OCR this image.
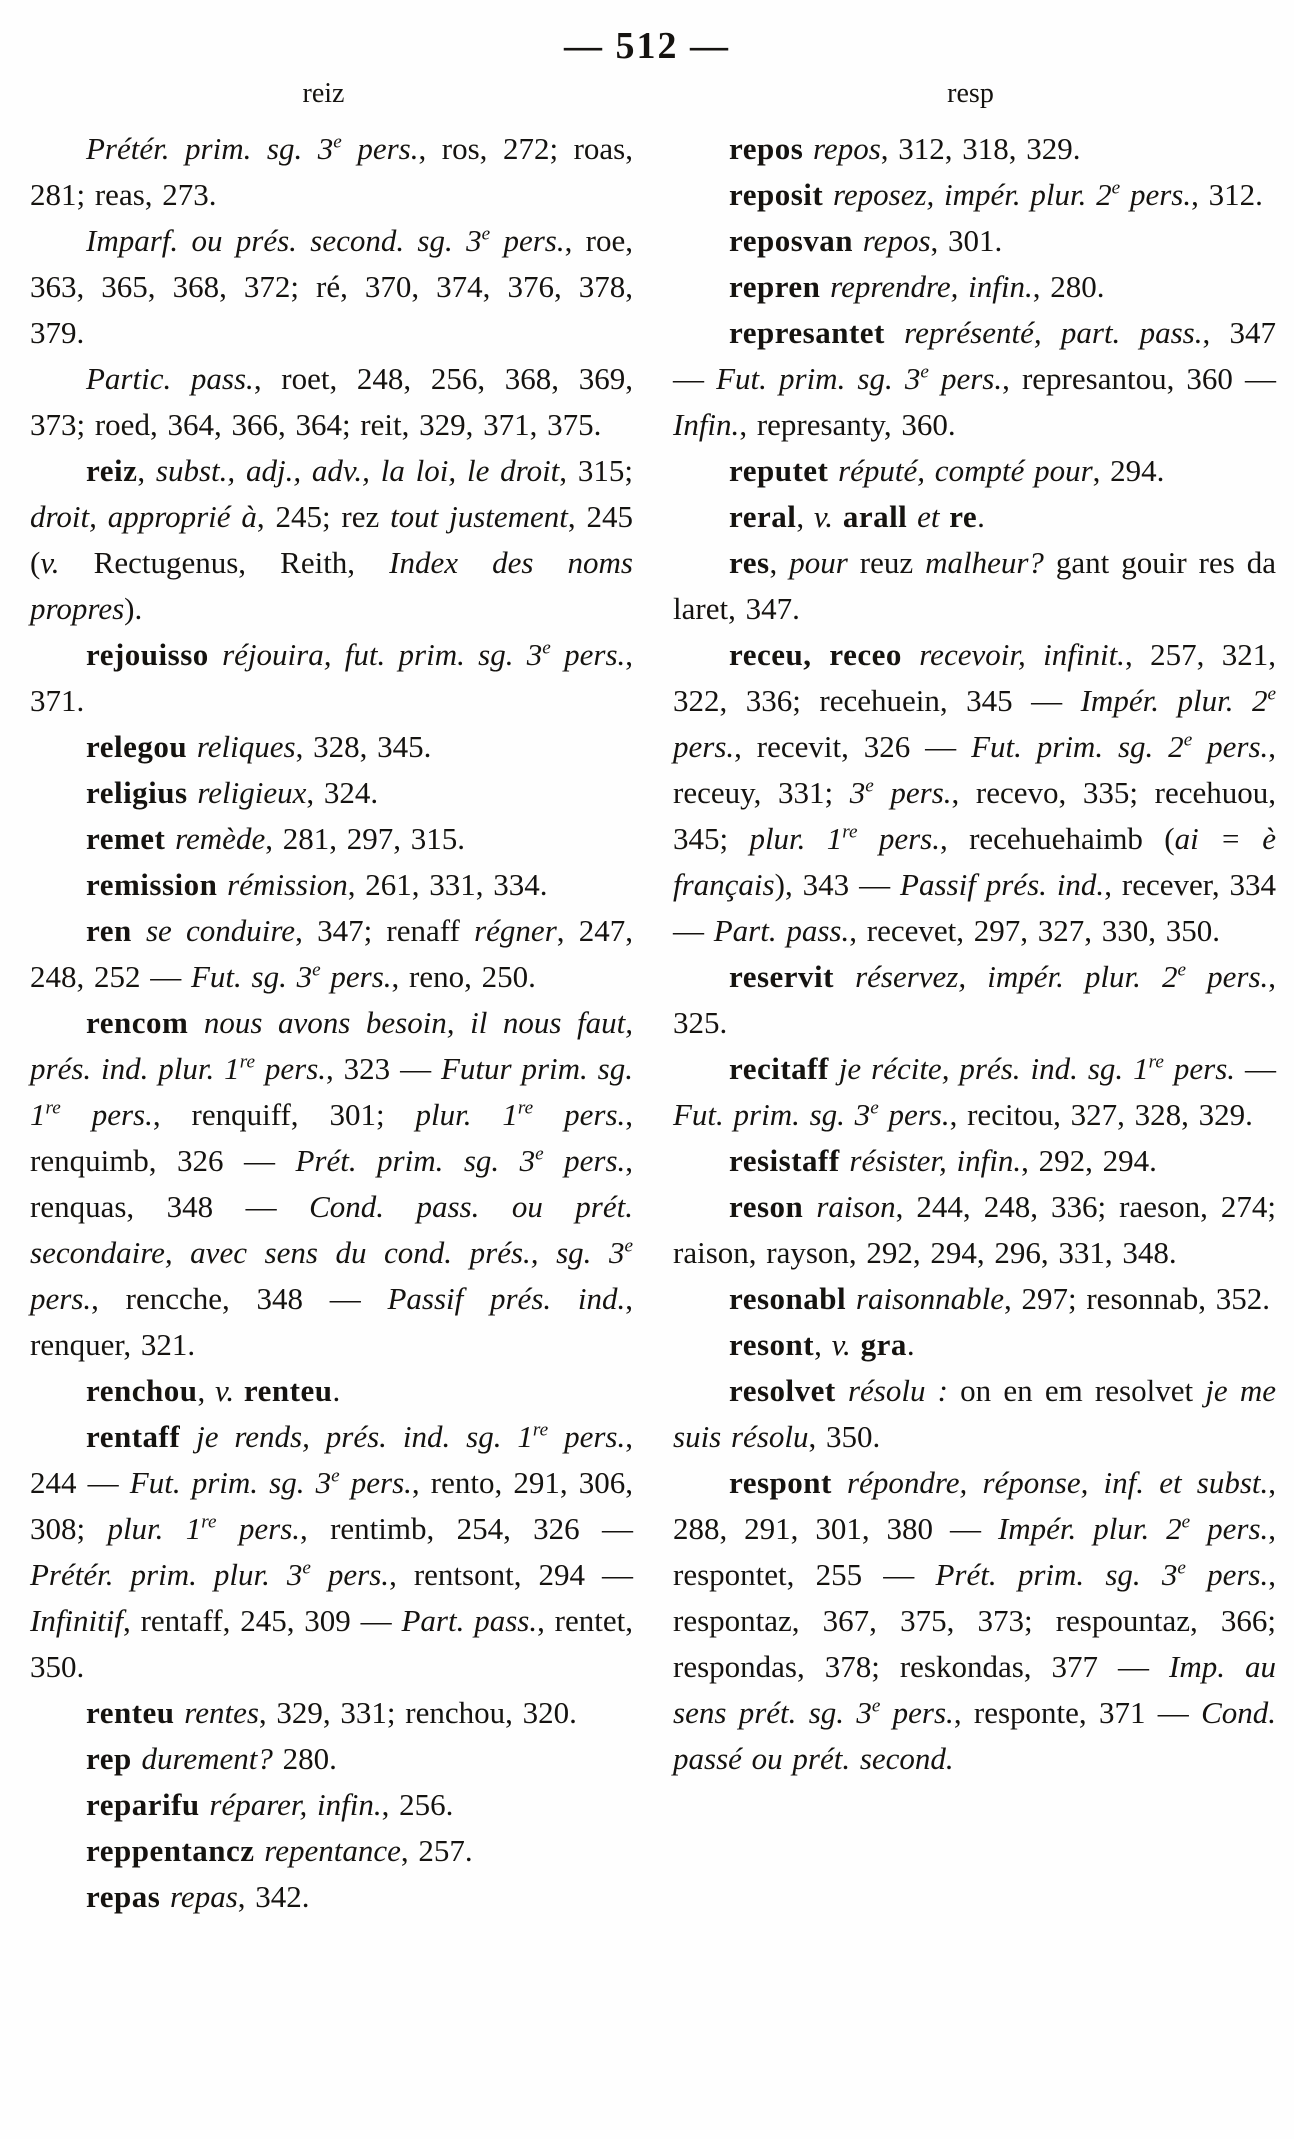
— 512 —
reiz	resp

Prétér. prim. sg. 3e pers., ros, 272; roas, 281; reas, 273.

Imparf. ou prés. second. sg. 3e pers., roe, 363, 365, 368, 372; ré, 370, 374, 376, 378, 379.

Partic. pass., roet, 248, 256, 368, 369, 373; roed, 364, 366, 364; reit, 329, 371, 375.

reiz, subst., adj., adv., la loi, le droit, 315; droit, approprié à, 245; rez tout justement, 245 (v. Rectugenus, Reith, Index des noms propres).

rejouisso réjouira, fut. prim. sg. 3e pers., 371.

relegou reliques, 328, 345.

religius religieux, 324.

remet remède, 281, 297, 315.

remission rémission, 261, 331, 334.

ren se conduire, 347; renaff régner, 247, 248, 252 — Fut. sg. 3e pers., reno, 250.

rencom nous avons besoin, il nous faut, prés. ind. plur. 1re pers., 323 — Futur prim. sg. 1re pers., renquiff, 301; plur. 1re pers., renquimb, 326 — Prét. prim. sg. 3e pers., renquas, 348 — Cond. pass. ou prét. secondaire, avec sens du cond. prés., sg. 3e pers., rencche, 348 — Passif prés. ind., renquer, 321.

renchou, v. renteu.

rentaff je rends, prés. ind. sg. 1re pers., 244 — Fut. prim. sg. 3e pers., rento, 291, 306, 308; plur. 1re pers., rentimb, 254, 326 — Prétér. prim. plur. 3e pers., rentsont, 294 — Infinitif, rentaff, 245, 309 — Part. pass., rentet, 350.

renteu rentes, 329, 331; renchou, 320.

rep durement? 280.

reparifu réparer, infin., 256.

reppentancz repentance, 257.

repas repas, 342.

repos repos, 312, 318, 329.

reposit reposez, impér. plur. 2e pers., 312.

reposvan repos, 301.

repren reprendre, infin., 280.

represantet représenté, part. pass., 347 — Fut. prim. sg. 3e pers., represantou, 360 — Infin., represanty, 360.

reputet réputé, compté pour, 294.

reral, v. arall et re.

res, pour reuz malheur? gant gouir res da laret, 347.

receu, receo recevoir, infinit., 257, 321, 322, 336; recehuein, 345 — Impér. plur. 2e pers., recevit, 326 — Fut. prim. sg. 2e pers., receuy, 331; 3e pers., recevo, 335; recehuou, 345; plur. 1re pers., recehuehaimb (ai = è français), 343 — Passif prés. ind., recever, 334 — Part. pass., recevet, 297, 327, 330, 350.

reservit réservez, impér. plur. 2e pers., 325.

recitaff je récite, prés. ind. sg. 1re pers. — Fut. prim. sg. 3e pers., recitou, 327, 328, 329.

resistaff résister, infin., 292, 294.

reson raison, 244, 248, 336; raeson, 274; raison, rayson, 292, 294, 296, 331, 348.

resonabl raisonnable, 297; resonnab, 352.

resont, v. gra.

resolvet résolu : on en em resolvet je me suis résolu, 350.

respont répondre, réponse, inf. et subst., 288, 291, 301, 380 — Impér. plur. 2e pers., respontet, 255 — Prét. prim. sg. 3e pers., respontaz, 367, 375, 373; respountaz, 366; respondas, 378; reskondas, 377 — Imp. au sens prét. sg. 3e pers., responte, 371 — Cond. passé ou prét. second.
